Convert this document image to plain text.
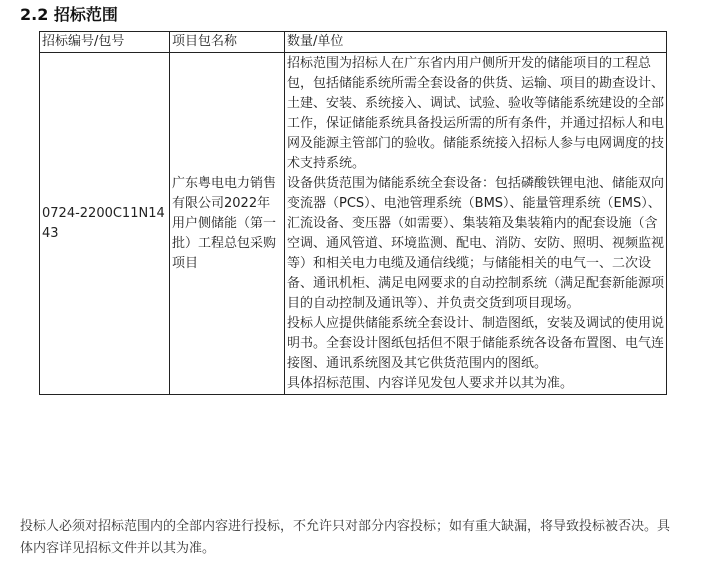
2.2 招标范围
招标编号/包号	项目包名称	数量/单位
0724-2200C11N1443	广东粤电电力销售有限公司2022年用户侧储能（第一批）工程总包采购项目	招标范围为招标人在广东省内用户侧所开发的储能项目的工程总包，包括储能系统所需全套设备的供货、运输、项目的勘查设计、土建、安装、系统接入、调试、试验、验收等储能系统建设的全部工作，保证储能系统具备投运所需的所有条件，并通过招标人和电网及能源主管部门的验收。储能系统接入招标人参与电网调度的技术支持系统。
设备供货范围为储能系统全套设备：包括磷酸铁锂电池、储能双向变流器（PCS）、电池管理系统（BMS）、能量管理系统（EMS）、汇流设备、变压器（如需要）、集装箱及集装箱内的配套设施（含空调、通风管道、环境监测、配电、消防、安防、照明、视频监视等）和相关电力电缆及通信线缆；与储能相关的电气一、二次设备、通讯机柜、满足电网要求的自动控制系统（满足配套新能源项目的自动控制及通讯等）、并负责交货到项目现场。
投标人应提供储能系统全套设计、制造图纸，安装及调试的使用说明书。全套设计图纸包括但不限于储能系统各设备布置图、电气连接图、通讯系统图及其它供货范围内的图纸。
具体招标范围、内容详见发包人要求并以其为准。

投标人必须对招标范围内的全部内容进行投标，不允许只对部分内容投标；如有重大缺漏，将导致投标被否决。具体内容详见招标文件并以其为准。
